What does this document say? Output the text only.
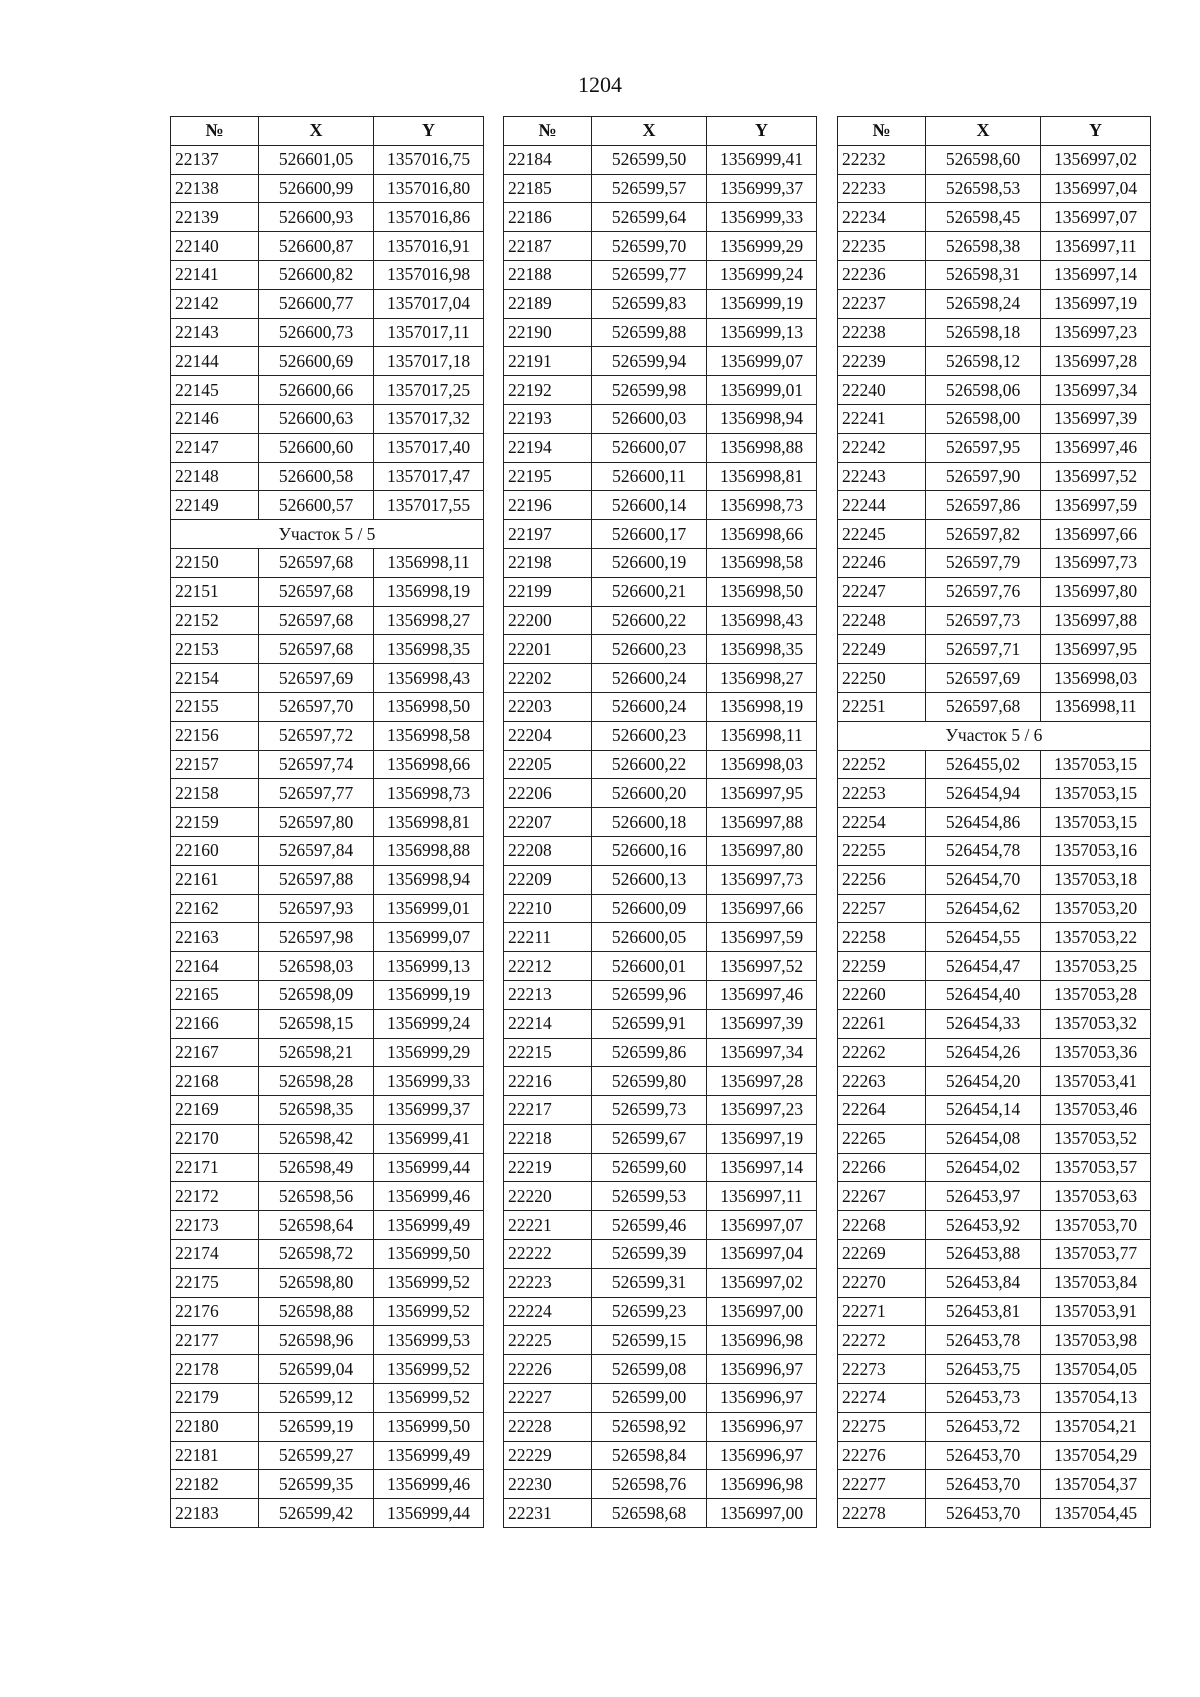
1204
№	X	Y
22137	526601,05	1357016,75
22138	526600,99	1357016,80
22139	526600,93	1357016,86
22140	526600,87	1357016,91
22141	526600,82	1357016,98
22142	526600,77	1357017,04
22143	526600,73	1357017,11
22144	526600,69	1357017,18
22145	526600,66	1357017,25
22146	526600,63	1357017,32
22147	526600,60	1357017,40
22148	526600,58	1357017,47
22149	526600,57	1357017,55
Участок 5 / 5		
22150	526597,68	1356998,11
22151	526597,68	1356998,19
22152	526597,68	1356998,27
22153	526597,68	1356998,35
22154	526597,69	1356998,43
22155	526597,70	1356998,50
22156	526597,72	1356998,58
22157	526597,74	1356998,66
22158	526597,77	1356998,73
22159	526597,80	1356998,81
22160	526597,84	1356998,88
22161	526597,88	1356998,94
22162	526597,93	1356999,01
22163	526597,98	1356999,07
22164	526598,03	1356999,13
22165	526598,09	1356999,19
22166	526598,15	1356999,24
22167	526598,21	1356999,29
22168	526598,28	1356999,33
22169	526598,35	1356999,37
22170	526598,42	1356999,41
22171	526598,49	1356999,44
22172	526598,56	1356999,46
22173	526598,64	1356999,49
22174	526598,72	1356999,50
22175	526598,80	1356999,52
22176	526598,88	1356999,52
22177	526598,96	1356999,53
22178	526599,04	1356999,52
22179	526599,12	1356999,52
22180	526599,19	1356999,50
22181	526599,27	1356999,49
22182	526599,35	1356999,46
22183	526599,42	1356999,44
№	X	Y
22184	526599,50	1356999,41
22185	526599,57	1356999,37
22186	526599,64	1356999,33
22187	526599,70	1356999,29
22188	526599,77	1356999,24
22189	526599,83	1356999,19
22190	526599,88	1356999,13
22191	526599,94	1356999,07
22192	526599,98	1356999,01
22193	526600,03	1356998,94
22194	526600,07	1356998,88
22195	526600,11	1356998,81
22196	526600,14	1356998,73
22197	526600,17	1356998,66
22198	526600,19	1356998,58
22199	526600,21	1356998,50
22200	526600,22	1356998,43
22201	526600,23	1356998,35
22202	526600,24	1356998,27
22203	526600,24	1356998,19
22204	526600,23	1356998,11
22205	526600,22	1356998,03
22206	526600,20	1356997,95
22207	526600,18	1356997,88
22208	526600,16	1356997,80
22209	526600,13	1356997,73
22210	526600,09	1356997,66
22211	526600,05	1356997,59
22212	526600,01	1356997,52
22213	526599,96	1356997,46
22214	526599,91	1356997,39
22215	526599,86	1356997,34
22216	526599,80	1356997,28
22217	526599,73	1356997,23
22218	526599,67	1356997,19
22219	526599,60	1356997,14
22220	526599,53	1356997,11
22221	526599,46	1356997,07
22222	526599,39	1356997,04
22223	526599,31	1356997,02
22224	526599,23	1356997,00
22225	526599,15	1356996,98
22226	526599,08	1356996,97
22227	526599,00	1356996,97
22228	526598,92	1356996,97
22229	526598,84	1356996,97
22230	526598,76	1356996,98
22231	526598,68	1356997,00
№	X	Y
22232	526598,60	1356997,02
22233	526598,53	1356997,04
22234	526598,45	1356997,07
22235	526598,38	1356997,11
22236	526598,31	1356997,14
22237	526598,24	1356997,19
22238	526598,18	1356997,23
22239	526598,12	1356997,28
22240	526598,06	1356997,34
22241	526598,00	1356997,39
22242	526597,95	1356997,46
22243	526597,90	1356997,52
22244	526597,86	1356997,59
22245	526597,82	1356997,66
22246	526597,79	1356997,73
22247	526597,76	1356997,80
22248	526597,73	1356997,88
22249	526597,71	1356997,95
22250	526597,69	1356998,03
22251	526597,68	1356998,11
Участок 5 / 6		
22252	526455,02	1357053,15
22253	526454,94	1357053,15
22254	526454,86	1357053,15
22255	526454,78	1357053,16
22256	526454,70	1357053,18
22257	526454,62	1357053,20
22258	526454,55	1357053,22
22259	526454,47	1357053,25
22260	526454,40	1357053,28
22261	526454,33	1357053,32
22262	526454,26	1357053,36
22263	526454,20	1357053,41
22264	526454,14	1357053,46
22265	526454,08	1357053,52
22266	526454,02	1357053,57
22267	526453,97	1357053,63
22268	526453,92	1357053,70
22269	526453,88	1357053,77
22270	526453,84	1357053,84
22271	526453,81	1357053,91
22272	526453,78	1357053,98
22273	526453,75	1357054,05
22274	526453,73	1357054,13
22275	526453,72	1357054,21
22276	526453,70	1357054,29
22277	526453,70	1357054,37
22278	526453,70	1357054,45
